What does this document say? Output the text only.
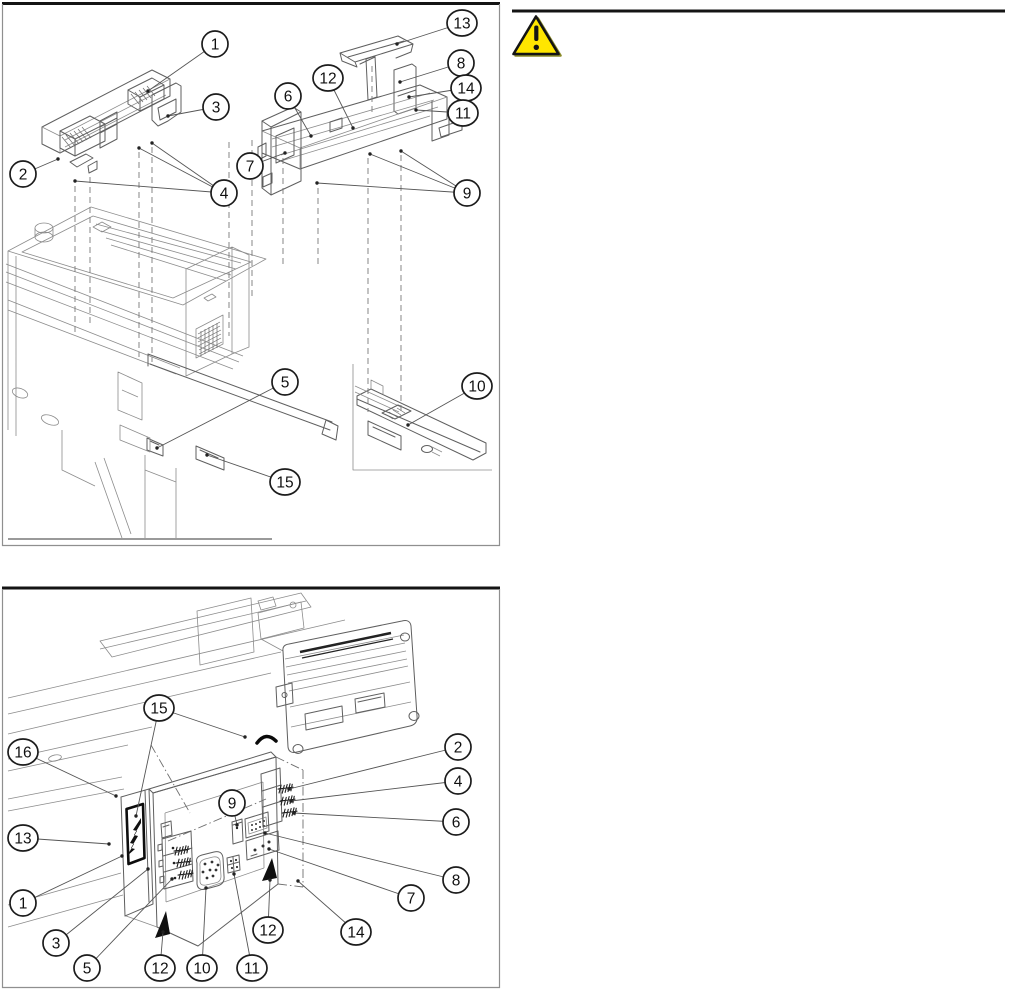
1
3
13
8
14
11
12
6
2	7
4	9
5	10
15
15
16	2
4
6
13
9
8
1	7
3
14
12
5	12 10 11
